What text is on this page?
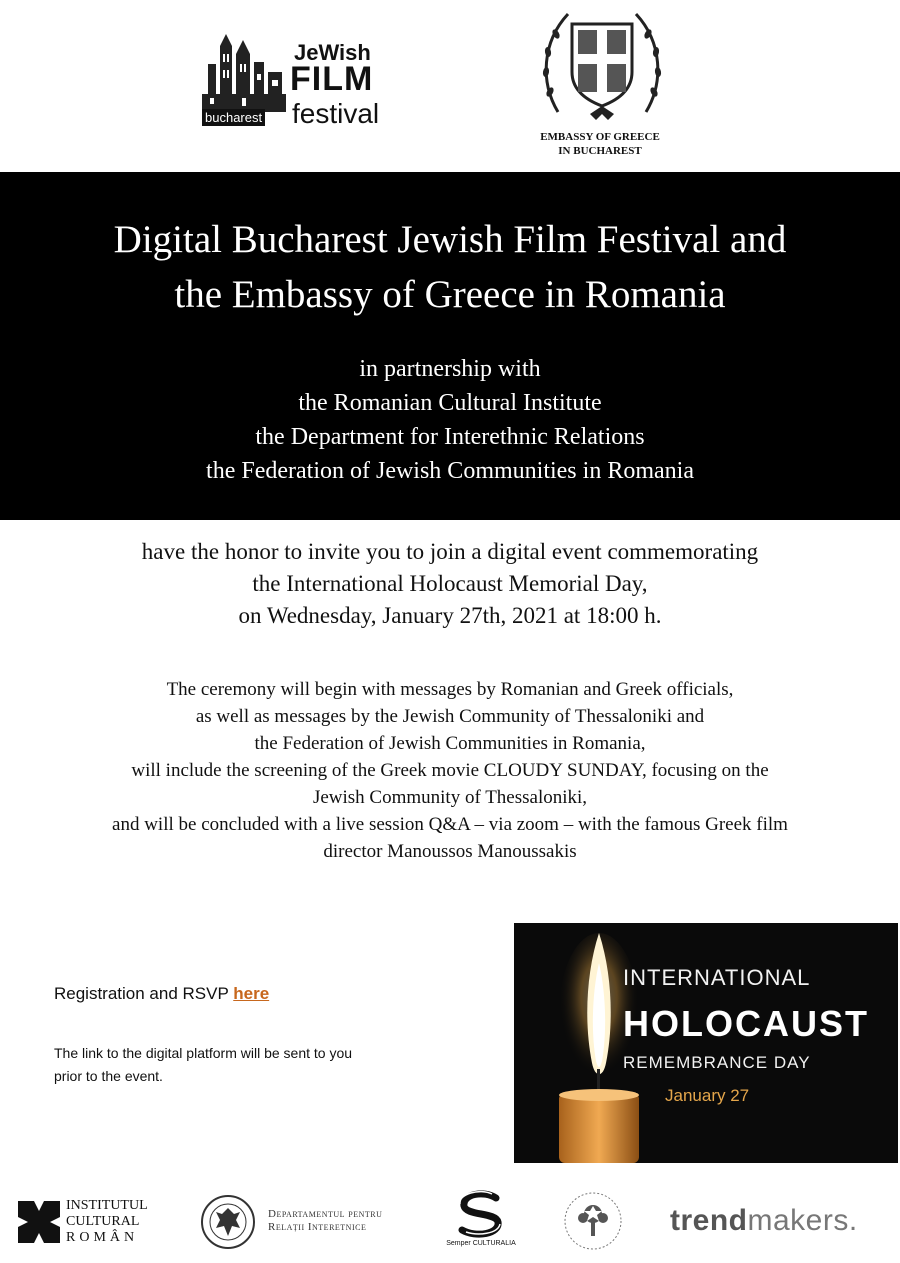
JeWish
FILM
bucharest festival
EMBASSY OF GREECE
IN BUCHAREST
Digital Bucharest Jewish Film Festival and
the Embassy of Greece in Romania
in partnership with
the Romanian Cultural Institute
the Department for Interethnic Relations
the Federation of Jewish Communities in Romania
have the honor to invite you to join a digital event commemorating
the International Holocaust Memorial Day,
on Wednesday, January 27th, 2021 at 18:00 h.
The ceremony will begin with messages by Romanian and Greek officials,
as well as messages by the Jewish Community of Thessaloniki and
the Federation of Jewish Communities in Romania,
will include the screening of the Greek movie CLOUDY SUNDAY, focusing on the
Jewish Community of Thessaloniki,
and will be concluded with a live session Q&A – via zoom – with the famous Greek film
director Manoussos Manoussakis
Registration and RSVP here
The link to the digital platform will be sent to you
prior to the event.
INTERNATIONAL
HOLOCAUST
REMEMBRANCE DAY
January 27
INSTITUTUL
CULTURAL
ROMÂN
Departamentul pentru
Relații Interetnice
Semper CULTURALIA
trendmakers.
